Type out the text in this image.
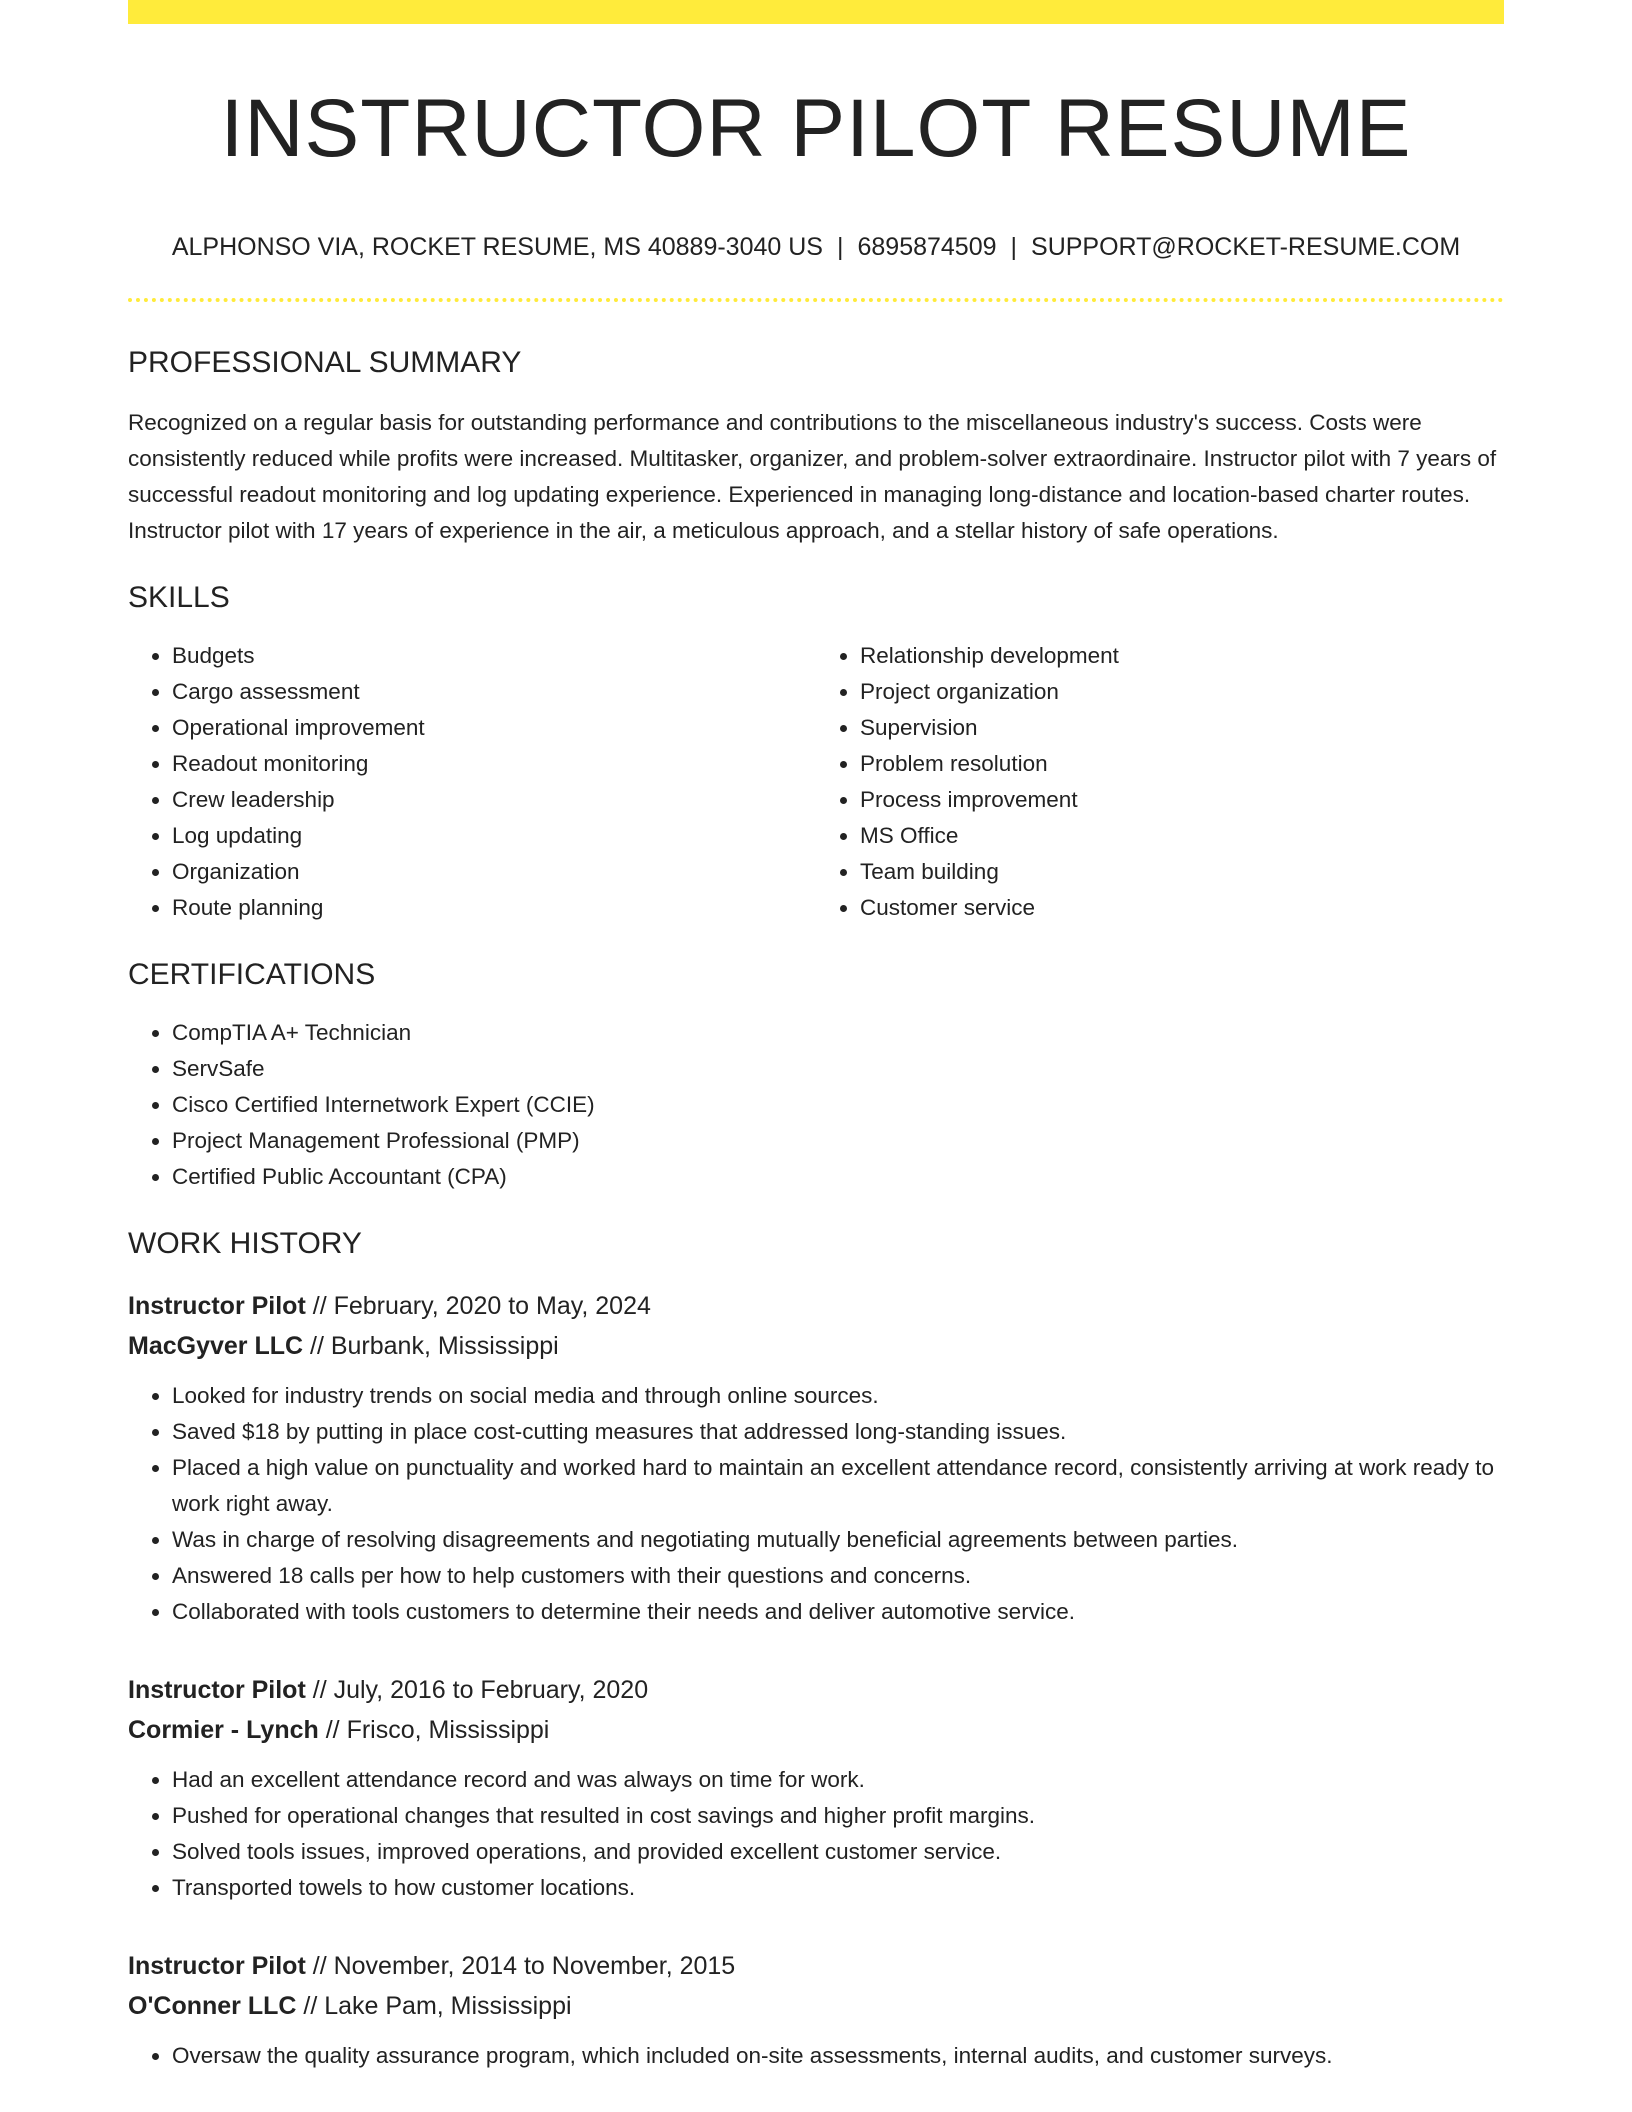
INSTRUCTOR PILOT RESUME
ALPHONSO VIA, ROCKET RESUME, MS 40889-3040 US | 6895874509 | SUPPORT@ROCKET-RESUME.COM
PROFESSIONAL SUMMARY
Recognized on a regular basis for outstanding performance and contributions to the miscellaneous industry's success. Costs were consistently reduced while profits were increased. Multitasker, organizer, and problem-solver extraordinaire. Instructor pilot with 7 years of successful readout monitoring and log updating experience. Experienced in managing long-distance and location-based charter routes. Instructor pilot with 17 years of experience in the air, a meticulous approach, and a stellar history of safe operations.
SKILLS
• Budgets
• Cargo assessment
• Operational improvement
• Readout monitoring
• Crew leadership
• Log updating
• Organization
• Route planning
• Relationship development
• Project organization
• Supervision
• Problem resolution
• Process improvement
• MS Office
• Team building
• Customer service
CERTIFICATIONS
• CompTIA A+ Technician
• ServSafe
• Cisco Certified Internetwork Expert (CCIE)
• Project Management Professional (PMP)
• Certified Public Accountant (CPA)
WORK HISTORY
Instructor Pilot // February, 2020 to May, 2024
MacGyver LLC // Burbank, Mississippi
• Looked for industry trends on social media and through online sources.
• Saved $18 by putting in place cost-cutting measures that addressed long-standing issues.
• Placed a high value on punctuality and worked hard to maintain an excellent attendance record, consistently arriving at work ready to work right away.
• Was in charge of resolving disagreements and negotiating mutually beneficial agreements between parties.
• Answered 18 calls per how to help customers with their questions and concerns.
• Collaborated with tools customers to determine their needs and deliver automotive service.
Instructor Pilot // July, 2016 to February, 2020
Cormier - Lynch // Frisco, Mississippi
• Had an excellent attendance record and was always on time for work.
• Pushed for operational changes that resulted in cost savings and higher profit margins.
• Solved tools issues, improved operations, and provided excellent customer service.
• Transported towels to how customer locations.
Instructor Pilot // November, 2014 to November, 2015
O'Conner LLC // Lake Pam, Mississippi
• Oversaw the quality assurance program, which included on-site assessments, internal audits, and customer surveys.
